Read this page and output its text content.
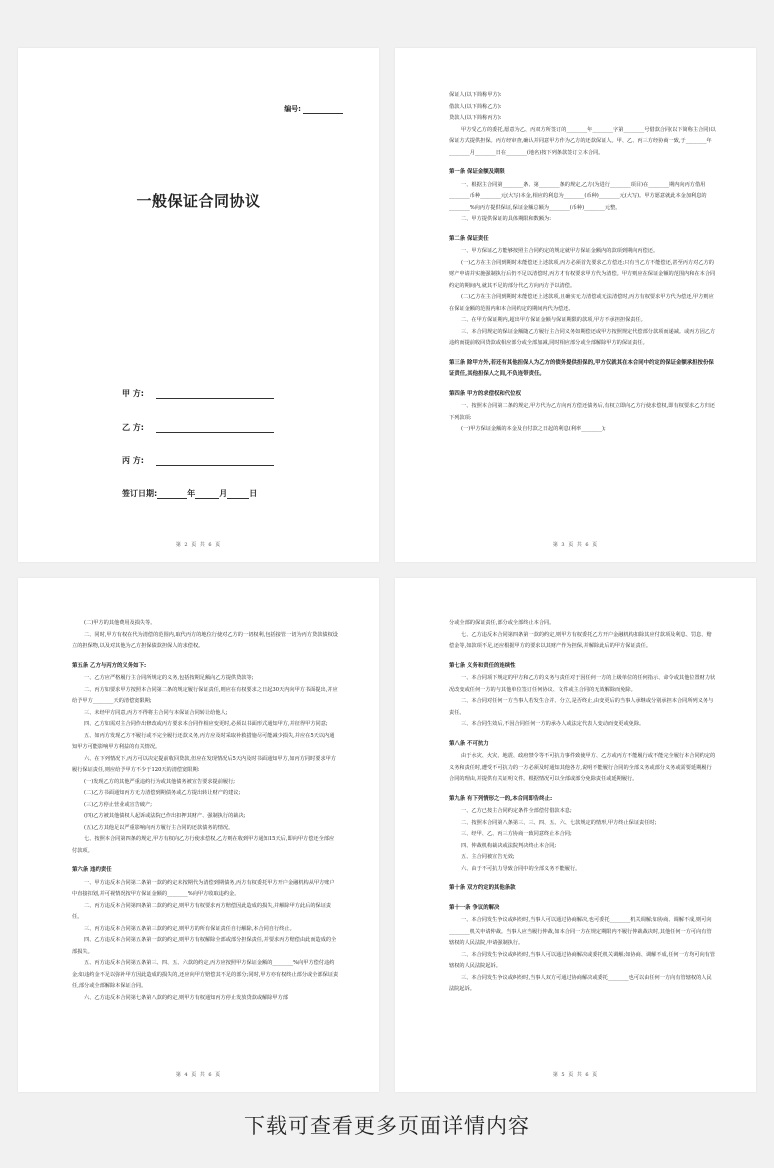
编号:
一般保证合同协议
甲 方:
乙 方:
丙 方:
签订日期:	年	月	日
第 2 页 共 6 页

保证人(以下简称甲方):

借款人(以下简称乙方):

贷款人(以下简称丙方):

甲方受乙方的委托,愿意为乙、丙双方所签订的________年________字第________号借款合同(以下简称主合同)以保证方式提供担保。丙方经审查,确认并同意甲方作为乙方的还款保证人。甲、乙、丙三方经协商一致,于________年________月________日在________(地名)按下列条款签订立本合同。

第一条 保证金额及期限

一、根据主合同第________条、第________条的规定,乙方(为进行________项目)在________期内向丙方借用________币种________元(大写)本金,相应的利息为________(币种)________元(大写)。甲方愿意就此本金加利息的________%向丙方提供保证,保证金额总额为________(币种)________元整。

二、甲方提供保证的具体期限和数额为:

第二条 保证责任

一、甲方保证乙方能够按照主合同约定的规定就甲方保证金额内的款项到期向丙偿还。

(一)乙方在主合同到期时未能偿还上述款项,丙方必须首先要求乙方偿还;只有当乙方不能偿还,甚至丙方对乙方的财产申请并实施强制执行后仍不足以清偿时,丙方才有权要求甲方代为清偿。甲方则应在保证金额的范围内和在本合同约定的期间内,就其不足的部分代乙方向丙方予以清偿。

(二)乙方在主合同到期时未能偿还上述款项,且确实无力清偿或无法清偿时,丙方有权要求甲方代为偿还,甲方则应在保证金额的范围内和本合同约定的期间内代为偿还。

二、在甲方保证期内,超出甲方保证金额与保证期限的款项,甲方不承担担保责任。

三、本合同规定的保证金额随乙方履行主合同义务如期偿还或甲方按照规定代偿部分款项而递减。或丙方因乙方违约而提前收回贷款或相应部分或全部加减,同时相应部分或全部解除甲方的保证责任。

第三条 除甲方外,若还有其他担保人为乙方的债务提供担保的,甲方仅就其在本合同中约定的保证金额承担按份保证责任,其他担保人之间,不负连带责任。
第四条 甲方的求偿权和代位权

一、按照本合同第二条的规定,甲方代为乙方向丙方偿还债务后,有权立即向乙方行使求偿权,即有权要求乙方归还下列款项:

(一)甲方保证金额的本金及自付款之日起的利息(利率________);

第 3 页 共 6 页

(二)甲方的其他费用及损失等。

二、同时,甲方有权在代为清偿的范围内,取代丙方的地位行使对乙方的一切权利,包括接管一切为丙方贷款债权设立的担保物,以及对其他为乙方担保债款担保人的求偿权。

第五条 乙方与丙方的义务如下:

一、乙方应严格履行主合同所规定的义务,包括按期足额向乙方提供贷款等;

二、丙方如要求甲方按照本合同第二条的规定履行保证责任,则应在有权要求之日起30天内向甲方书面提出,并应给予甲方________天的清偿宽限期;

三、未经甲方同意,丙方不得将主合同与本保证合同转让给他人;

四、乙方如需对主合同作出修改或丙方要求本合同作相应变更时,必须以书面形式通知甲方,并征得甲方同意;

五、如丙方发现乙方不履行或不完全履行还款义务,丙方应及时采取补救措施尽可能减少损失,并应在5天以内通知甲方可能影响甲方利益的有关情况。

六、在下列情况下,丙方可以决定提前收回贷款,但应在发现情况后5天内及时书面通知甲方,如丙方同时要求甲方履行保证责任,则应给予甲方不少于120天的清偿宽限期:

(一)发现乙方的其他严重违约行为或其他债务被宣告要求提前履行;

(二)乙方书面通知丙方无力清偿到期债务或乙方提出转让财产的建议;

(三)乙方停止营业或宣告破产;

(四)乙方被其他债权人起诉或法院已作出扣押其财产、强制执行的裁决;

(五)乙方其他足以严重影响向丙方履行主合同的还款债务的情况。

七、按照本合同第四条的规定,甲方有权向乙方行使求偿权,乙方则在收到甲方通知15天后,即向甲方偿还全部应付款项。

第六条 违约责任

一、甲方违反本合同第二条第一款的约定未按期代为清偿到期债务,丙方有权委托甲方开户金融机构从甲方账户中直接扣划,并可视情况按甲方保证金额的________%向甲方收取违约金。

二、丙方违反本合同第四条第二款的约定,则甲方有权要求丙方赔偿因此造成的损失,并解除甲方此后的保证责任。

三、丙方违反本合同第五条第三款的约定,则甲方的所有保证责任自行解除,本合同自行终止。

四、乙方违反本合同第五条第一款的约定,则甲方有权解除全部或部分担保责任,并要求丙方赔偿由此而造成的全部损失。

五、丙方违反本合同第五条第三、四、五、六款的约定,丙方应按照甲方保证金额的________%向甲方偿付违约金;如违约金不足以弥补甲方因此造成的损失的,还应向甲方赔偿其不足的部分;同时,甲方亦有权终止部分或全部保证责任,部分或全部解除本保证合同。

六、乙方违反本合同第七条第八款的约定,则甲方有权通知丙方停止发放贷款或解除甲方部

第 4 页 共 6 页

分或全部的保证责任,部分或全部终止本合同。

七、乙方违反本合同第四条第一款的约定,则甲方有权委托乙方开户金融机构扣除其应付款项及利息、罚息、赔偿金等,如款项不足,还应根据甲方的要求以其财产作为担保,并解除此后的甲方保证责任。

第七条 义务和责任的连续性

一、本合同项下规定的甲方和乙方的义务与责任对于因任何一方的上级单位的任何指示、命令或其他位置财力状况改变或任何一方的与其他单位签订任何协议、文件或主合同的无效解除而免除。

二、本合同对任何一方当事人若发生合并、分立,是否终止,由变更后的当事人承继或分别承担本合同所列义务与责任。

三、本合同生效后,不因合同任何一方的承办人或法定代表人变动而变更或免除。

第八条 不可抗力

由于水灾、火灾、地震、政府禁令等不可抗力事件致使甲方、乙方或丙方不能履行或不能完全履行本合同约定的义务和责任时,遭受不可抗力的一方必须及时通知其他各方,说明不能履行合同的全部义务或部分义务或需要延期履行合同的理由,并提供有关证明文件。根据情况可以全部或部分免除责任或延期履行。

第九条 有下列情形之一的,本合同即告终止:

一、乙方已按主合同约定条件全部偿付借款本息;

二、按照本合同第八条第三、三、四、五、六、七款规定的情形,甲方终止保证责任时;

三、经甲、乙、丙三方协商一致同意终止本合同;

四、仲裁机构裁决或法院判决终止本合同;

五、主合同被宣告无效;

六、由于不可抗力导致合同中的全部义务不能履行。

第十条 双方约定的其他条款
第十一条 争议的解决

一、本合同发生争议或纠纷时,当事人可以通过协商解决,也可委托________机关调解;如协商、调解不成,则可向________机关申请仲裁。当事人应当履行仲裁,如本合同一方在规定期限内不履行仲裁裁决时,其他任何一方可向有管辖权的人民法院,申请强制执行。

二、本合同发生争议或纠纷时,当事人可以通过协商解决或委托机关调解;如协商、调解不成,任何一方均可向有管辖权的人民法院起诉。

三、本合同发生争议或纠纷时,当事人双方可通过协商解决或委托________也可以由任何一方向有管辖权的人民法院起诉。

第 5 页 共 6 页
下载可查看更多页面详情内容
